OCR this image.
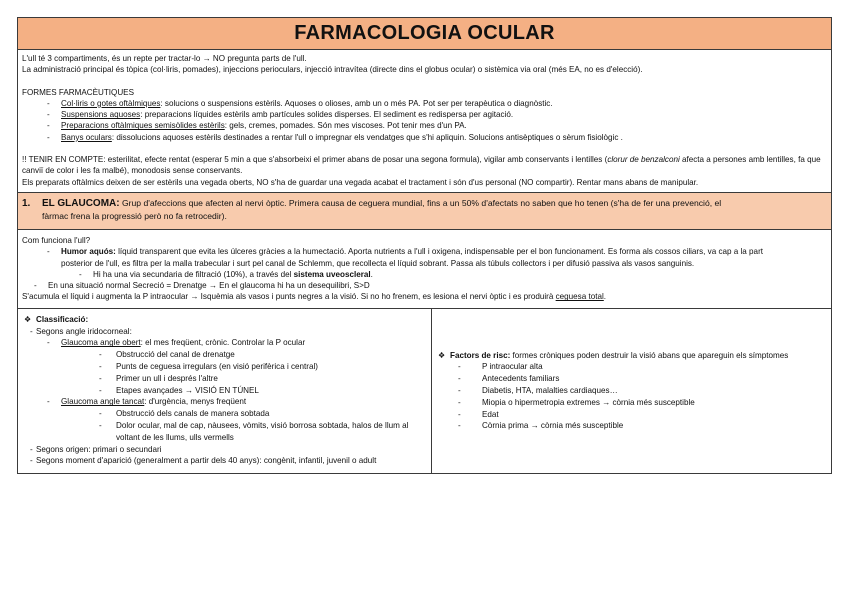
FARMACOLOGIA OCULAR

L'ull té 3 compartiments, és un repte per tractar-lo → NO pregunta parts de l'ull.

La administració principal és tòpica (col·liris, pomades), injeccions perioculars, injecció intravítea (directe dins el globus ocular) o sistèmica via oral (més EA, no es d'elecció).

FORMES FARMACÈUTIQUES

-	Col·liris o gotes oftàlmiques: solucions o suspensions estèrils. Aquoses o olioses, amb un o més PA. Pot ser per terapèutica o diagnòstic.
-	Suspensions aquoses: preparacions líquides estèrils amb partícules solides disperses. El sediment es redispersa per agitació.
-	Preparacions oftàlmiques semisòlides estèrils: gels, cremes, pomades. Són mes viscoses. Pot tenir mes d'un PA.
-	Banys oculars: dissolucions aquoses estèrils destinades a rentar l'ull o impregnar els vendatges que s'hi apliquin. Solucions antisèptiques o sèrum fisiològic .

!! TENIR EN COMPTE: esterilitat, efecte rentat (esperar 5 min a que s'absorbeixi el primer abans de posar una segona formula), vigilar amb conservants i lentilles (clorur de benzalconi afecta a persones amb lentilles, fa que canviï de color i les fa malbé), monodosis sense conservants.

Els preparats oftàlmics deixen de ser estèrils una vegada oberts, NO s'ha de guardar una vegada acabat el tractament i són d'us personal (NO compartir). Rentar mans abans de manipular.

1. EL GLAUCOMA: Grup d'afeccions que afecten al nervi òptic. Primera causa de ceguera mundial, fins a un 50% d'afectats no saben que ho tenen (s'ha de fer una prevenció, el
fàrmac frena la progressió però no fa retrocedir).

Com funciona l'ull?

-	Humor aquós: líquid transparent que evita les úlceres gràcies a la humectació. Aporta nutrients a l'ull i oxigena, indispensable per el bon funcionament. Es forma als cossos ciliars, va cap a la part
posterior de l'ull, es filtra per la malla trabecular i surt pel canal de Schlemm, que recollecta el líquid sobrant. Passa als túbuls collectors i per difusió passiva als vasos sanguinis.
-	Hi ha una via secundaria de filtració (10%), a través del sistema uveoscleral.
-	En una situació normal Secreció = Drenatge → En el glaucoma hi ha un desequilibri, S>D

S'acumula el líquid i augmenta la P intraocular → Isquèmia als vasos i punts negres a la visió. Si no ho frenem, es lesiona el nervi òptic i es produirà ceguesa total.

❖ Classificació:
- Segons angle iridocorneal:
-	Glaucoma angle obert: el mes freqüent, crònic. Controlar la P ocular
-	Obstrucció del canal de drenatge
-	Punts de ceguesa irregulars (en visió perifèrica i central)
-	Primer un ull i després l'altre
-	Etapes avançades → VISIÓ EN TÚNEL
-	Glaucoma angle tancat: d'urgència, menys freqüent
-	Obstrucció dels canals de manera sobtada
-	Dolor ocular, mal de cap, nàusees, vòmits, visió borrosa sobtada, halos de llum al
voltant de les llums, ulls vermells
- Segons origen: primari o secundari
- Segons moment d'aparició (generalment a partir dels 40 anys): congènit, infantil, juvenil o adult
❖ Factors de risc: formes cròniques poden destruir la visió abans que apareguin els símptomes
-	P intraocular alta
-	Antecedents familiars
-	Diabetis, HTA, malalties cardiaques…
-	Miopia o hipermetropia extremes → còrnia més susceptible
-	Edat
-	Còrnia prima → còrnia més susceptible
